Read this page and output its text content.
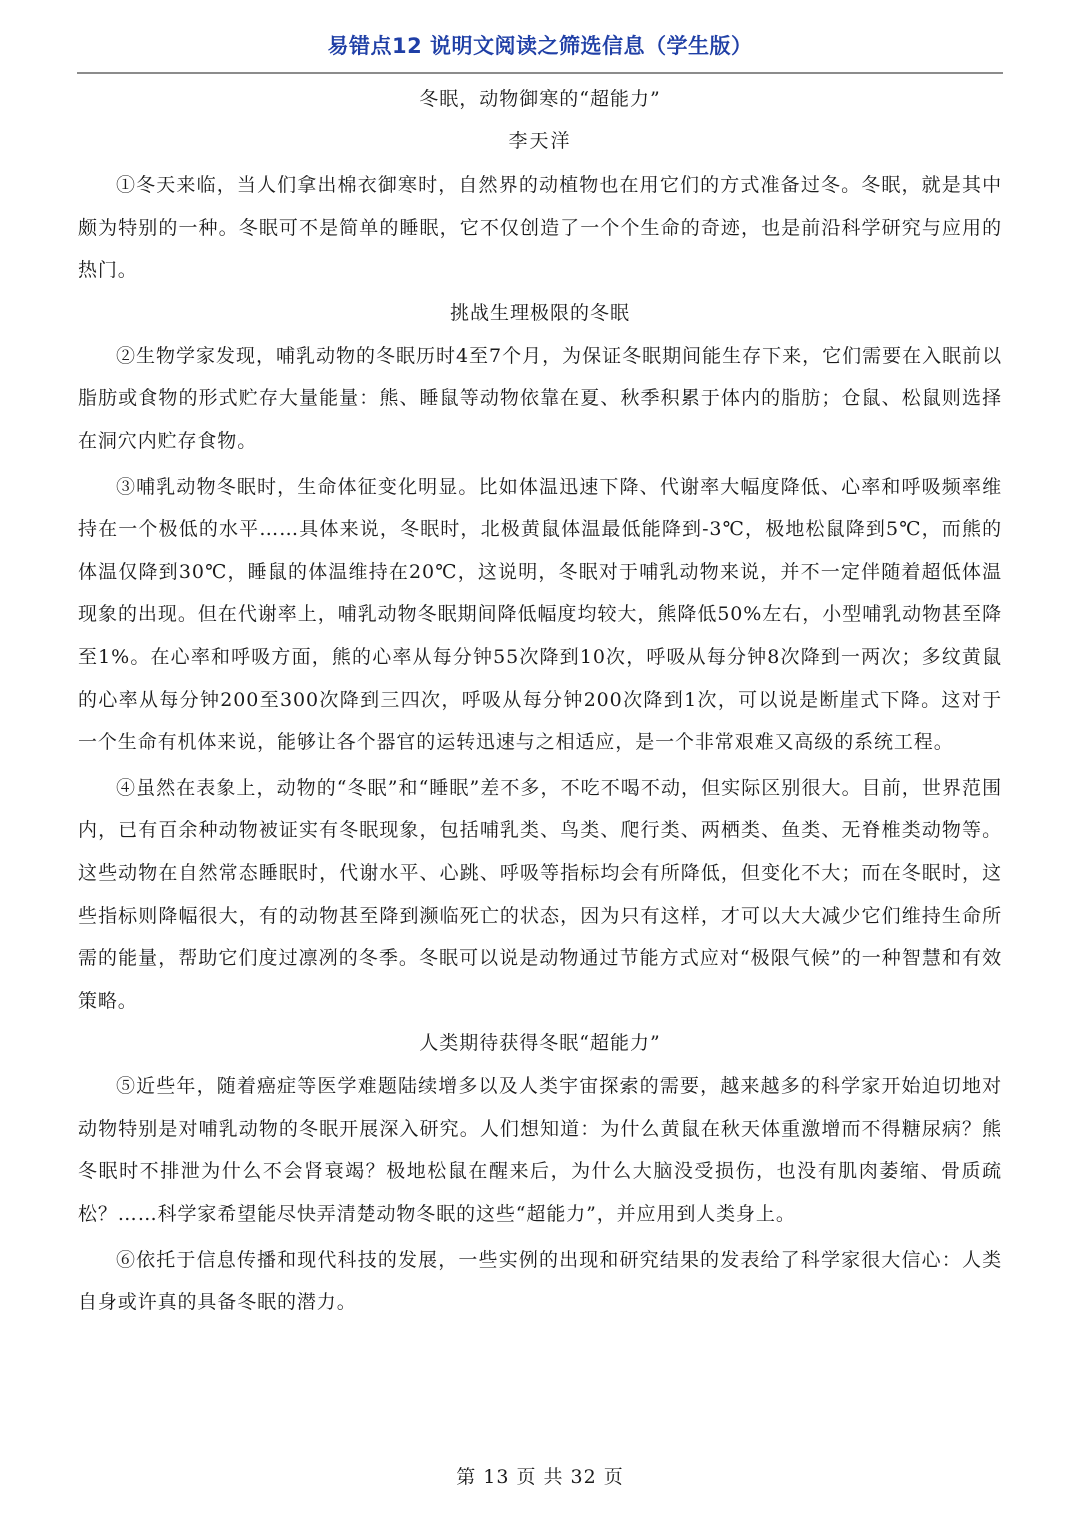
易错点12 说明文阅读之筛选信息（学生版）
冬眠，动物御寒的“超能力”
李天洋

①冬天来临，当人们拿出棉衣御寒时，自然界的动植物也在用它们的方式准备过冬。冬眠，就是其中颇为特别的一种。冬眠可不是简单的睡眠，它不仅创造了一个个生命的奇迹，也是前沿科学研究与应用的热门。

挑战生理极限的冬眠

②生物学家发现，哺乳动物的冬眠历时4至7个月，为保证冬眠期间能生存下来，它们需要在入眠前以脂肪或食物的形式贮存大量能量：熊、睡鼠等动物依靠在夏、秋季积累于体内的脂肪；仓鼠、松鼠则选择在洞穴内贮存食物。

③哺乳动物冬眠时，生命体征变化明显。比如体温迅速下降、代谢率大幅度降低、心率和呼吸频率维持在一个极低的水平……具体来说，冬眠时，北极黄鼠体温最低能降到-3℃，极地松鼠降到5℃，而熊的体温仅降到30℃，睡鼠的体温维持在20℃，这说明，冬眠对于哺乳动物来说，并不一定伴随着超低体温现象的出现。但在代谢率上，哺乳动物冬眠期间降低幅度均较大，熊降低50%左右，小型哺乳动物甚至降至1%。在心率和呼吸方面，熊的心率从每分钟55次降到10次，呼吸从每分钟8次降到一两次；多纹黄鼠的心率从每分钟200至300次降到三四次，呼吸从每分钟200次降到1次，可以说是断崖式下降。这对于一个生命有机体来说，能够让各个器官的运转迅速与之相适应，是一个非常艰难又高级的系统工程。

④虽然在表象上，动物的“冬眠”和“睡眠”差不多，不吃不喝不动，但实际区别很大。目前，世界范围内，已有百余种动物被证实有冬眠现象，包括哺乳类、鸟类、爬行类、两栖类、鱼类、无脊椎类动物等。这些动物在自然常态睡眠时，代谢水平、心跳、呼吸等指标均会有所降低，但变化不大；而在冬眠时，这些指标则降幅很大，有的动物甚至降到濒临死亡的状态，因为只有这样，才可以大大减少它们维持生命所需的能量，帮助它们度过凛冽的冬季。冬眠可以说是动物通过节能方式应对“极限气候”的一种智慧和有效策略。

人类期待获得冬眠“超能力”

⑤近些年，随着癌症等医学难题陆续增多以及人类宇宙探索的需要，越来越多的科学家开始迫切地对动物特别是对哺乳动物的冬眠开展深入研究。人们想知道：为什么黄鼠在秋天体重激增而不得糖尿病？熊冬眠时不排泄为什么不会肾衰竭？极地松鼠在醒来后，为什么大脑没受损伤，也没有肌肉萎缩、骨质疏松？……科学家希望能尽快弄清楚动物冬眠的这些“超能力”，并应用到人类身上。

⑥依托于信息传播和现代科技的发展，一些实例的出现和研究结果的发表给了科学家很大信心：人类自身或许真的具备冬眠的潜力。

第 13 页 共 32 页
